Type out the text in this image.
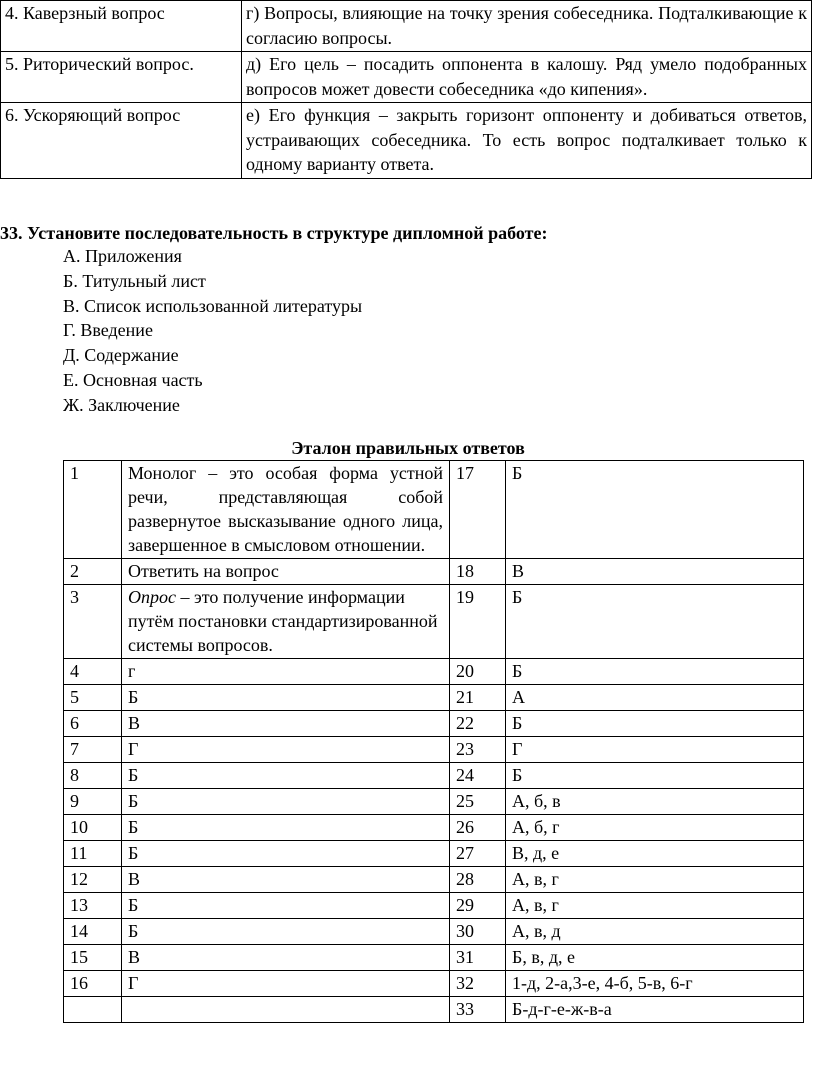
4. Каверзный вопрос	г) Вопросы, влияющие на точку зрения собеседника. Подталкивающие к согласию вопросы.
5. Риторический вопрос.	д) Его цель – посадить оппонента в калошу. Ряд умело подобранных вопросов может довести собеседника «до кипения».
6. Ускоряющий вопрос	е) Его функция – закрыть горизонт оппоненту и добиваться ответов, устраивающих собеседника. То есть вопрос подталкивает только к одному варианту ответа.

33. Установите последовательность в структуре дипломной работе:

А. Приложения
Б. Титульный лист
В. Список использованной литературы
Г. Введение
Д. Содержание
Е. Основная часть
Ж. Заключение

Эталон правильных ответов

1	Монолог – это особая форма устной речи, представляющая собой развернутое высказывание одного лица, завершенное в смысловом отношении.	17	Б
2	Ответить на вопрос	18	В
3	Опрос – это получение информации путём постановки стандартизированной системы вопросов.	19	Б
4	г	20	Б
5	Б	21	А
6	В	22	Б
7	Г	23	Г
8	Б	24	Б
9	Б	25	А, б, в
10	Б	26	А, б, г
11	Б	27	В, д, е
12	В	28	А, в, г
13	Б	29	А, в, г
14	Б	30	А, в, д
15	В	31	Б, в, д, е
16	Г	32	1-д, 2-а,3-е, 4-б, 5-в, 6-г
		33	Б-д-г-е-ж-в-а
